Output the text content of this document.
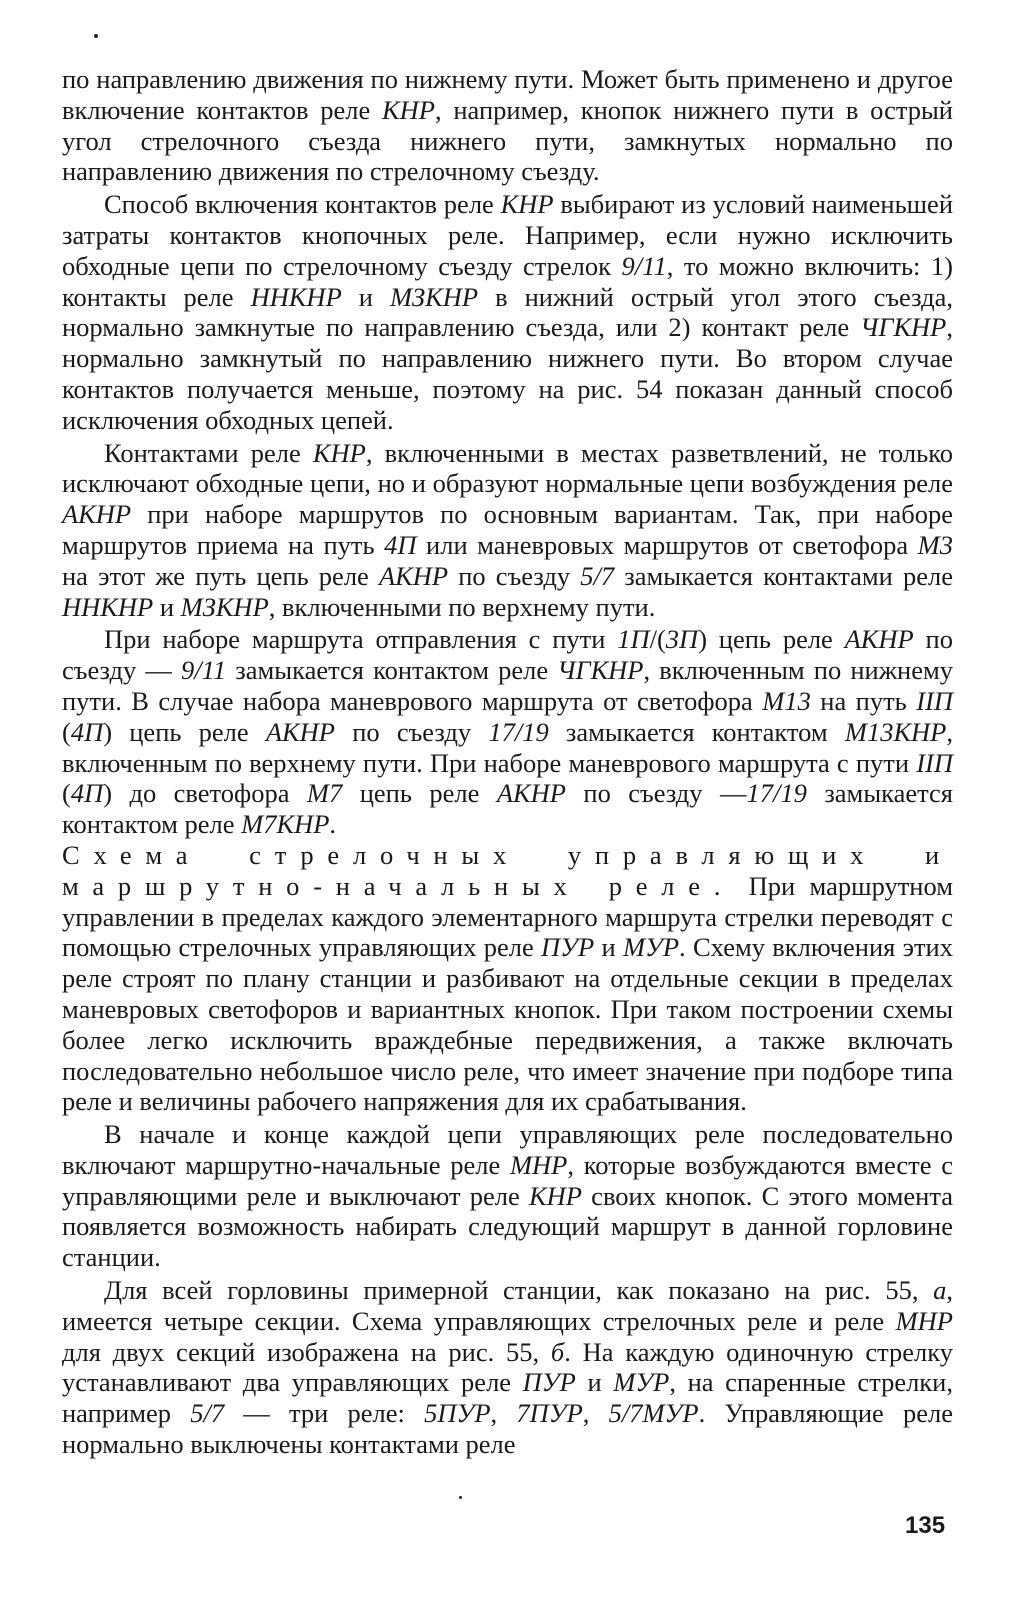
по направлению движения по нижнему пути. Может быть применено и другое включение контактов реле КНР, например, кнопок нижнего пути в острый угол стрелочного съезда нижнего пути, замкнутых нормально по направлению движения по стрелочному съезду.

Способ включения контактов реле КНР выбирают из условий наименьшей затраты контактов кнопочных реле. Например, если нужно исключить обходные цепи по стрелочному съезду стрелок 9/11, то можно включить: 1) контакты реле ННКНР и МЗКНР в нижний острый угол этого съезда, нормально замкнутые по направлению съезда, или 2) контакт реле ЧГКНР, нормально замкнутый по направлению нижнего пути. Во втором случае контактов получается меньше, поэтому на рис. 54 показан данный способ исключения обходных цепей.

Контактами реле КНР, включенными в местах разветвлений, не только исключают обходные цепи, но и образуют нормальные цепи возбуждения реле АКНР при наборе маршрутов по основным вариантам. Так, при наборе маршрутов приема на путь 4П или маневровых маршрутов от светофора М3 на этот же путь цепь реле АКНР по съезду 5/7 замыкается контактами реле ННКНР и МЗКНР, включенными по верхнему пути.

При наборе маршрута отправления с пути 1П/(3П) цепь реле АКНР по съезду — 9/11 замыкается контактом реле ЧГКНР, включенным по нижнему пути. В случае набора маневрового маршрута от светофора М13 на путь IIП (4П) цепь реле АКНР по съезду 17/19 замыкается контактом М13КНР, включенным по верхнему пути. При наборе маневрового маршрута с пути IIП (4П) до светофора М7 цепь реле АКНР по съезду —17/19 замыкается контактом реле М7КНР.

Схема стрелочных управляющих и маршрутно-начальных реле. При маршрутном управлении в пределах каждого элементарного маршрута стрелки переводят с помощью стрелочных управляющих реле ПУР и МУР. Схему включения этих реле строят по плану станции и разбивают на отдельные секции в пределах маневровых светофоров и вариантных кнопок. При таком построении схемы более легко исключить враждебные передвижения, а также включать последовательно небольшое число реле, что имеет значение при подборе типа реле и величины рабочего напряжения для их срабатывания.

В начале и конце каждой цепи управляющих реле последовательно включают маршрутно-начальные реле МНР, которые возбуждаются вместе с управляющими реле и выключают реле КНР своих кнопок. С этого момента появляется возможность набирать следующий маршрут в данной горловине станции.

Для всей горловины примерной станции, как показано на рис. 55, а, имеется четыре секции. Схема управляющих стрелочных реле и реле МНР для двух секций изображена на рис. 55, б. На каждую одиночную стрелку устанавливают два управляющих реле ПУР и МУР, на спаренные стрелки, например 5/7 — три реле: 5ПУР, 7ПУР, 5/7МУР. Управляющие реле нормально выключены контактами реле

135
